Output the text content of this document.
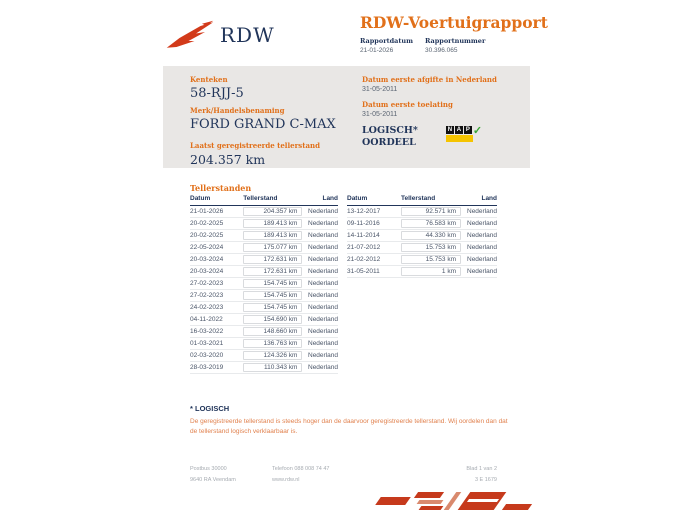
RDW
RDW-Voertuigrapport
Rapportdatum
21-01-2026
Rapportnummer
30.396.065
Kenteken
58-RJJ-5
Merk/Handelsbenaming
FORD GRAND C-MAX
Laatst geregistreerde tellerstand
204.357 km
Datum eerste afgifte in Nederland
31-05-2011
Datum eerste toelating
31-05-2011
LOGISCH*
OORDEEL
N A P ✓
Tellerstanden
Datum	Tellerstand	Land
21-01-2026	204.357 km	Nederland
20-02-2025	189.413 km	Nederland
20-02-2025	189.413 km	Nederland
22-05-2024	175.077 km	Nederland
20-03-2024	172.631 km	Nederland
20-03-2024	172.631 km	Nederland
27-02-2023	154.745 km	Nederland
27-02-2023	154.745 km	Nederland
24-02-2023	154.745 km	Nederland
04-11-2022	154.690 km	Nederland
16-03-2022	148.660 km	Nederland
01-03-2021	136.763 km	Nederland
02-03-2020	124.326 km	Nederland
28-03-2019	110.343 km	Nederland
Datum	Tellerstand	Land
13-12-2017	92.571 km	Nederland
09-11-2016	76.583 km	Nederland
14-11-2014	44.330 km	Nederland
21-07-2012	15.753 km	Nederland
21-02-2012	15.753 km	Nederland
31-05-2011	1 km	Nederland
* LOGISCH
De geregistreerde tellerstand is steeds hoger dan de daarvoor geregistreerde tellerstand. Wij oordelen dan dat de tellerstand logisch verklaarbaar is.
Postbus 30000
9640 RA Veendam
Telefoon 088 008 74 47
www.rdw.nl
Blad 1 van 2
3 E 1679
